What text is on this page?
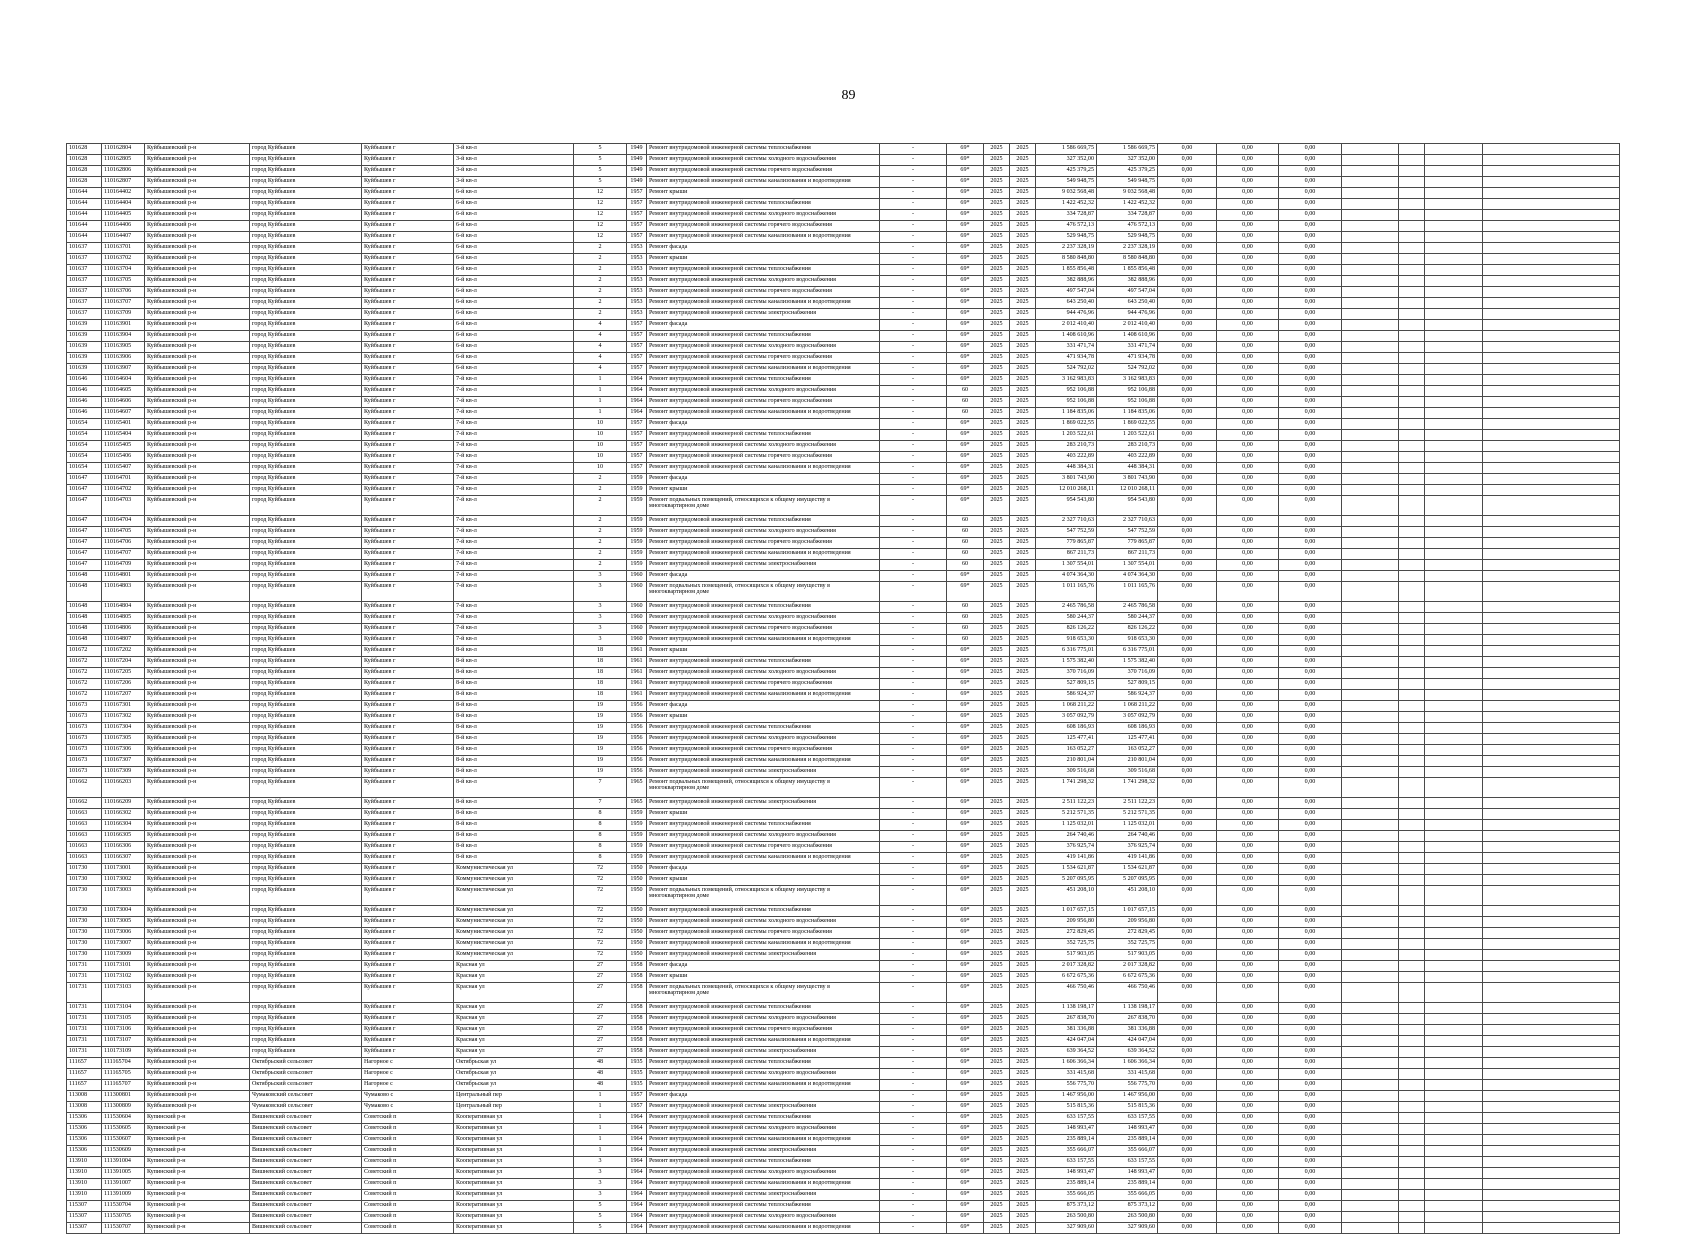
89
101628	110162804	Куйбышевский р-н	город Куйбышев	Куйбышев г	3-й кв-л	5	1949	Ремонт внутридомовой инженерной системы теплоснабжения	-	69*	2025	2025	1 586 669,75	1 586 669,75	0,00	0,00	0,00				
101628	110162805	Куйбышевский р-н	город Куйбышев	Куйбышев г	3-й кв-л	5	1949	Ремонт внутридомовой инженерной системы холодного водоснабжения	-	69*	2025	2025	327 352,00	327 352,00	0,00	0,00	0,00				
101628	110162806	Куйбышевский р-н	город Куйбышев	Куйбышев г	3-й кв-л	5	1949	Ремонт внутридомовой инженерной системы горячего водоснабжения	-	69*	2025	2025	425 379,25	425 379,25	0,00	0,00	0,00				
101628	110162807	Куйбышевский р-н	город Куйбышев	Куйбышев г	3-й кв-л	5	1949	Ремонт внутридомовой инженерной системы канализования и водоотведения	-	69*	2025	2025	549 948,75	549 948,75	0,00	0,00	0,00				
101644	110164402	Куйбышевский р-н	город Куйбышев	Куйбышев г	6-й кв-л	12	1957	Ремонт крыши	-	69*	2025	2025	9 032 568,48	9 032 568,48	0,00	0,00	0,00				
101644	110164404	Куйбышевский р-н	город Куйбышев	Куйбышев г	6-й кв-л	12	1957	Ремонт внутридомовой инженерной системы теплоснабжения	-	69*	2025	2025	1 422 452,32	1 422 452,32	0,00	0,00	0,00				
101644	110164405	Куйбышевский р-н	город Куйбышев	Куйбышев г	6-й кв-л	12	1957	Ремонт внутридомовой инженерной системы холодного водоснабжения	-	69*	2025	2025	334 728,87	334 728,87	0,00	0,00	0,00				
101644	110164406	Куйбышевский р-н	город Куйбышев	Куйбышев г	6-й кв-л	12	1957	Ремонт внутридомовой инженерной системы горячего водоснабжения	-	69*	2025	2025	476 572,13	476 572,13	0,00	0,00	0,00				
101644	110164407	Куйбышевский р-н	город Куйбышев	Куйбышев г	6-й кв-л	12	1957	Ремонт внутридомовой инженерной системы канализования и водоотведения	-	69*	2025	2025	529 948,75	529 948,75	0,00	0,00	0,00				
101637	110163701	Куйбышевский р-н	город Куйбышев	Куйбышев г	6-й кв-л	2	1953	Ремонт фасада	-	69*	2025	2025	2 237 328,19	2 237 328,19	0,00	0,00	0,00				
101637	110163702	Куйбышевский р-н	город Куйбышев	Куйбышев г	6-й кв-л	2	1953	Ремонт крыши	-	69*	2025	2025	8 580 848,80	8 580 848,80	0,00	0,00	0,00				
101637	110163704	Куйбышевский р-н	город Куйбышев	Куйбышев г	6-й кв-л	2	1953	Ремонт внутридомовой инженерной системы теплоснабжения	-	69*	2025	2025	1 855 856,48	1 855 856,48	0,00	0,00	0,00				
101637	110163705	Куйбышевский р-н	город Куйбышев	Куйбышев г	6-й кв-л	2	1953	Ремонт внутридомовой инженерной системы холодного водоснабжения	-	69*	2025	2025	382 888,96	382 888,96	0,00	0,00	0,00				
101637	110163706	Куйбышевский р-н	город Куйбышев	Куйбышев г	6-й кв-л	2	1953	Ремонт внутридомовой инженерной системы горячего водоснабжения	-	69*	2025	2025	497 547,04	497 547,04	0,00	0,00	0,00				
101637	110163707	Куйбышевский р-н	город Куйбышев	Куйбышев г	6-й кв-л	2	1953	Ремонт внутридомовой инженерной системы канализования и водоотведения	-	69*	2025	2025	643 250,40	643 250,40	0,00	0,00	0,00				
101637	110163709	Куйбышевский р-н	город Куйбышев	Куйбышев г	6-й кв-л	2	1953	Ремонт внутридомовой инженерной системы электроснабжения	-	69*	2025	2025	944 476,96	944 476,96	0,00	0,00	0,00				
101639	110163901	Куйбышевский р-н	город Куйбышев	Куйбышев г	6-й кв-л	4	1957	Ремонт фасада	-	69*	2025	2025	2 012 410,40	2 012 410,40	0,00	0,00	0,00				
101639	110163904	Куйбышевский р-н	город Куйбышев	Куйбышев г	6-й кв-л	4	1957	Ремонт внутридомовой инженерной системы теплоснабжения	-	69*	2025	2025	1 408 610,96	1 408 610,96	0,00	0,00	0,00				
101639	110163905	Куйбышевский р-н	город Куйбышев	Куйбышев г	6-й кв-л	4	1957	Ремонт внутридомовой инженерной системы холодного водоснабжения	-	69*	2025	2025	331 471,74	331 471,74	0,00	0,00	0,00				
101639	110163906	Куйбышевский р-н	город Куйбышев	Куйбышев г	6-й кв-л	4	1957	Ремонт внутридомовой инженерной системы горячего водоснабжения	-	69*	2025	2025	471 934,78	471 934,78	0,00	0,00	0,00				
101639	110163907	Куйбышевский р-н	город Куйбышев	Куйбышев г	6-й кв-л	4	1957	Ремонт внутридомовой инженерной системы канализования и водоотведения	-	69*	2025	2025	524 792,02	524 792,02	0,00	0,00	0,00				
101646	110164604	Куйбышевский р-н	город Куйбышев	Куйбышев г	7-й кв-л	1	1964	Ремонт внутридомовой инженерной системы теплоснабжения	-	69*	2025	2025	3 162 983,83	3 162 983,83	0,00	0,00	0,00				
101646	110164605	Куйбышевский р-н	город Куйбышев	Куйбышев г	7-й кв-л	1	1964	Ремонт внутридомовой инженерной системы холодного водоснабжения	-	60	2025	2025	952 106,88	952 106,88	0,00	0,00	0,00				
101646	110164606	Куйбышевский р-н	город Куйбышев	Куйбышев г	7-й кв-л	1	1964	Ремонт внутридомовой инженерной системы горячего водоснабжения	-	60	2025	2025	952 106,88	952 106,88	0,00	0,00	0,00				
101646	110164607	Куйбышевский р-н	город Куйбышев	Куйбышев г	7-й кв-л	1	1964	Ремонт внутридомовой инженерной системы канализования и водоотведения	-	60	2025	2025	1 184 835,06	1 184 835,06	0,00	0,00	0,00				
101654	110165401	Куйбышевский р-н	город Куйбышев	Куйбышев г	7-й кв-л	10	1957	Ремонт фасада	-	69*	2025	2025	1 869 022,55	1 869 022,55	0,00	0,00	0,00				
101654	110165404	Куйбышевский р-н	город Куйбышев	Куйбышев г	7-й кв-л	10	1957	Ремонт внутридомовой инженерной системы теплоснабжения	-	69*	2025	2025	1 203 522,61	1 203 522,61	0,00	0,00	0,00				
101654	110165405	Куйбышевский р-н	город Куйбышев	Куйбышев г	7-й кв-л	10	1957	Ремонт внутридомовой инженерной системы холодного водоснабжения	-	69*	2025	2025	283 210,73	283 210,73	0,00	0,00	0,00				
101654	110165406	Куйбышевский р-н	город Куйбышев	Куйбышев г	7-й кв-л	10	1957	Ремонт внутридомовой инженерной системы горячего водоснабжения	-	69*	2025	2025	403 222,89	403 222,89	0,00	0,00	0,00				
101654	110165407	Куйбышевский р-н	город Куйбышев	Куйбышев г	7-й кв-л	10	1957	Ремонт внутридомовой инженерной системы канализования и водоотведения	-	69*	2025	2025	448 384,31	448 384,31	0,00	0,00	0,00				
101647	110164701	Куйбышевский р-н	город Куйбышев	Куйбышев г	7-й кв-л	2	1959	Ремонт фасада	-	69*	2025	2025	3 801 743,90	3 801 743,90	0,00	0,00	0,00				
101647	110164702	Куйбышевский р-н	город Куйбышев	Куйбышев г	7-й кв-л	2	1959	Ремонт крыши	-	69*	2025	2025	12 010 268,11	12 010 268,11	0,00	0,00	0,00				
101647	110164703	Куйбышевский р-н	город Куйбышев	Куйбышев г	7-й кв-л	2	1959	Ремонт подвальных помещений, относящихся к общему имуществу в многоквартирном доме	-	69*	2025	2025	954 543,80	954 543,80	0,00	0,00	0,00				
101647	110164704	Куйбышевский р-н	город Куйбышев	Куйбышев г	7-й кв-л	2	1959	Ремонт внутридомовой инженерной системы теплоснабжения	-	60	2025	2025	2 327 710,63	2 327 710,63	0,00	0,00	0,00				
101647	110164705	Куйбышевский р-н	город Куйбышев	Куйбышев г	7-й кв-л	2	1959	Ремонт внутридомовой инженерной системы холодного водоснабжения	-	60	2025	2025	547 752,59	547 752,59	0,00	0,00	0,00				
101647	110164706	Куйбышевский р-н	город Куйбышев	Куйбышев г	7-й кв-л	2	1959	Ремонт внутридомовой инженерной системы горячего водоснабжения	-	60	2025	2025	779 865,87	779 865,87	0,00	0,00	0,00				
101647	110164707	Куйбышевский р-н	город Куйбышев	Куйбышев г	7-й кв-л	2	1959	Ремонт внутридомовой инженерной системы канализования и водоотведения	-	60	2025	2025	867 211,73	867 211,73	0,00	0,00	0,00				
101647	110164709	Куйбышевский р-н	город Куйбышев	Куйбышев г	7-й кв-л	2	1959	Ремонт внутридомовой инженерной системы электроснабжения	-	60	2025	2025	1 307 554,01	1 307 554,01	0,00	0,00	0,00				
101648	110164801	Куйбышевский р-н	город Куйбышев	Куйбышев г	7-й кв-л	3	1960	Ремонт фасада	-	69*	2025	2025	4 074 364,30	4 074 364,30	0,00	0,00	0,00				
101648	110164803	Куйбышевский р-н	город Куйбышев	Куйбышев г	7-й кв-л	3	1960	Ремонт подвальных помещений, относящихся к общему имуществу в многоквартирном доме	-	69*	2025	2025	1 011 165,76	1 011 165,76	0,00	0,00	0,00				
101648	110164804	Куйбышевский р-н	город Куйбышев	Куйбышев г	7-й кв-л	3	1960	Ремонт внутридомовой инженерной системы теплоснабжения	-	60	2025	2025	2 465 786,58	2 465 786,58	0,00	0,00	0,00				
101648	110164805	Куйбышевский р-н	город Куйбышев	Куйбышев г	7-й кв-л	3	1960	Ремонт внутридомовой инженерной системы холодного водоснабжения	-	60	2025	2025	580 244,37	580 244,37	0,00	0,00	0,00				
101648	110164806	Куйбышевский р-н	город Куйбышев	Куйбышев г	7-й кв-л	3	1960	Ремонт внутридомовой инженерной системы горячего водоснабжения	-	60	2025	2025	826 126,22	826 126,22	0,00	0,00	0,00				
101648	110164807	Куйбышевский р-н	город Куйбышев	Куйбышев г	7-й кв-л	3	1960	Ремонт внутридомовой инженерной системы канализования и водоотведения	-	60	2025	2025	918 653,30	918 653,30	0,00	0,00	0,00				
101672	110167202	Куйбышевский р-н	город Куйбышев	Куйбышев г	8-й кв-л	18	1961	Ремонт крыши	-	69*	2025	2025	6 316 775,01	6 316 775,01	0,00	0,00	0,00				
101672	110167204	Куйбышевский р-н	город Куйбышев	Куйбышев г	8-й кв-л	18	1961	Ремонт внутридомовой инженерной системы теплоснабжения	-	69*	2025	2025	1 575 382,40	1 575 382,40	0,00	0,00	0,00				
101672	110167205	Куйбышевский р-н	город Куйбышев	Куйбышев г	8-й кв-л	18	1961	Ремонт внутридомовой инженерной системы холодного водоснабжения	-	69*	2025	2025	370 716,09	370 716,09	0,00	0,00	0,00				
101672	110167206	Куйбышевский р-н	город Куйбышев	Куйбышев г	8-й кв-л	18	1961	Ремонт внутридомовой инженерной системы горячего водоснабжения	-	69*	2025	2025	527 809,15	527 809,15	0,00	0,00	0,00				
101672	110167207	Куйбышевский р-н	город Куйбышев	Куйбышев г	8-й кв-л	18	1961	Ремонт внутридомовой инженерной системы канализования и водоотведения	-	69*	2025	2025	586 924,37	586 924,37	0,00	0,00	0,00				
101673	110167301	Куйбышевский р-н	город Куйбышев	Куйбышев г	8-й кв-л	19	1956	Ремонт фасада	-	69*	2025	2025	1 068 211,22	1 068 211,22	0,00	0,00	0,00				
101673	110167302	Куйбышевский р-н	город Куйбышев	Куйбышев г	8-й кв-л	19	1956	Ремонт крыши	-	69*	2025	2025	3 057 092,79	3 057 092,79	0,00	0,00	0,00				
101673	110167304	Куйбышевский р-н	город Куйбышев	Куйбышев г	8-й кв-л	19	1956	Ремонт внутридомовой инженерной системы теплоснабжения	-	69*	2025	2025	608 186,93	608 186,93	0,00	0,00	0,00				
101673	110167305	Куйбышевский р-н	город Куйбышев	Куйбышев г	8-й кв-л	19	1956	Ремонт внутридомовой инженерной системы холодного водоснабжения	-	69*	2025	2025	125 477,41	125 477,41	0,00	0,00	0,00				
101673	110167306	Куйбышевский р-н	город Куйбышев	Куйбышев г	8-й кв-л	19	1956	Ремонт внутридомовой инженерной системы горячего водоснабжения	-	69*	2025	2025	163 052,27	163 052,27	0,00	0,00	0,00				
101673	110167307	Куйбышевский р-н	город Куйбышев	Куйбышев г	8-й кв-л	19	1956	Ремонт внутридомовой инженерной системы канализования и водоотведения	-	69*	2025	2025	210 801,04	210 801,04	0,00	0,00	0,00				
101673	110167309	Куйбышевский р-н	город Куйбышев	Куйбышев г	8-й кв-л	19	1956	Ремонт внутридомовой инженерной системы электроснабжения	-	69*	2025	2025	309 516,68	309 516,68	0,00	0,00	0,00				
101662	110166203	Куйбышевский р-н	город Куйбышев	Куйбышев г	8-й кв-л	7	1965	Ремонт подвальных помещений, относящихся к общему имуществу в многоквартирном доме	-	69*	2025	2025	1 741 298,32	1 741 298,32	0,00	0,00	0,00				
101662	110166209	Куйбышевский р-н	город Куйбышев	Куйбышев г	8-й кв-л	7	1965	Ремонт внутридомовой инженерной системы электроснабжения	-	69*	2025	2025	2 511 122,23	2 511 122,23	0,00	0,00	0,00				
101663	110166302	Куйбышевский р-н	город Куйбышев	Куйбышев г	8-й кв-л	8	1959	Ремонт крыши	-	69*	2025	2025	5 212 571,35	5 212 571,35	0,00	0,00	0,00				
101663	110166304	Куйбышевский р-н	город Куйбышев	Куйбышев г	8-й кв-л	8	1959	Ремонт внутридомовой инженерной системы теплоснабжения	-	69*	2025	2025	1 125 032,01	1 125 032,01	0,00	0,00	0,00				
101663	110166305	Куйбышевский р-н	город Куйбышев	Куйбышев г	8-й кв-л	8	1959	Ремонт внутридомовой инженерной системы холодного водоснабжения	-	69*	2025	2025	264 740,46	264 740,46	0,00	0,00	0,00				
101663	110166306	Куйбышевский р-н	город Куйбышев	Куйбышев г	8-й кв-л	8	1959	Ремонт внутридомовой инженерной системы горячего водоснабжения	-	69*	2025	2025	376 925,74	376 925,74	0,00	0,00	0,00				
101663	110166307	Куйбышевский р-н	город Куйбышев	Куйбышев г	8-й кв-л	8	1959	Ремонт внутридомовой инженерной системы канализования и водоотведения	-	69*	2025	2025	419 141,86	419 141,86	0,00	0,00	0,00				
101730	110173001	Куйбышевский р-н	город Куйбышев	Куйбышев г	Коммунистическая ул	72	1950	Ремонт фасада	-	69*	2025	2025	1 534 621,87	1 534 621,87	0,00	0,00	0,00				
101730	110173002	Куйбышевский р-н	город Куйбышев	Куйбышев г	Коммунистическая ул	72	1950	Ремонт крыши	-	69*	2025	2025	5 207 095,95	5 207 095,95	0,00	0,00	0,00				
101730	110173003	Куйбышевский р-н	город Куйбышев	Куйбышев г	Коммунистическая ул	72	1950	Ремонт подвальных помещений, относящихся к общему имуществу в многоквартирном доме	-	69*	2025	2025	451 208,10	451 208,10	0,00	0,00	0,00				
101730	110173004	Куйбышевский р-н	город Куйбышев	Куйбышев г	Коммунистическая ул	72	1950	Ремонт внутридомовой инженерной системы теплоснабжения	-	69*	2025	2025	1 017 657,15	1 017 657,15	0,00	0,00	0,00				
101730	110173005	Куйбышевский р-н	город Куйбышев	Куйбышев г	Коммунистическая ул	72	1950	Ремонт внутридомовой инженерной системы холодного водоснабжения	-	69*	2025	2025	209 956,80	209 956,80	0,00	0,00	0,00				
101730	110173006	Куйбышевский р-н	город Куйбышев	Куйбышев г	Коммунистическая ул	72	1950	Ремонт внутридомовой инженерной системы горячего водоснабжения	-	69*	2025	2025	272 829,45	272 829,45	0,00	0,00	0,00				
101730	110173007	Куйбышевский р-н	город Куйбышев	Куйбышев г	Коммунистическая ул	72	1950	Ремонт внутридомовой инженерной системы канализования и водоотведения	-	69*	2025	2025	352 725,75	352 725,75	0,00	0,00	0,00				
101730	110173009	Куйбышевский р-н	город Куйбышев	Куйбышев г	Коммунистическая ул	72	1950	Ремонт внутридомовой инженерной системы электроснабжения	-	69*	2025	2025	517 903,05	517 903,05	0,00	0,00	0,00				
101731	110173101	Куйбышевский р-н	город Куйбышев	Куйбышев г	Красная ул	27	1958	Ремонт фасада	-	69*	2025	2025	2 017 328,82	2 017 328,82	0,00	0,00	0,00				
101731	110173102	Куйбышевский р-н	город Куйбышев	Куйбышев г	Красная ул	27	1958	Ремонт крыши	-	69*	2025	2025	6 672 675,36	6 672 675,36	0,00	0,00	0,00				
101731	110173103	Куйбышевский р-н	город Куйбышев	Куйбышев г	Красная ул	27	1958	Ремонт подвальных помещений, относящихся к общему имуществу в многоквартирном доме	-	69*	2025	2025	466 750,46	466 750,46	0,00	0,00	0,00				
101731	110173104	Куйбышевский р-н	город Куйбышев	Куйбышев г	Красная ул	27	1958	Ремонт внутридомовой инженерной системы теплоснабжения	-	69*	2025	2025	1 138 198,17	1 138 198,17	0,00	0,00	0,00				
101731	110173105	Куйбышевский р-н	город Куйбышев	Куйбышев г	Красная ул	27	1958	Ремонт внутридомовой инженерной системы холодного водоснабжения	-	69*	2025	2025	267 838,70	267 838,70	0,00	0,00	0,00				
101731	110173106	Куйбышевский р-н	город Куйбышев	Куйбышев г	Красная ул	27	1958	Ремонт внутридомовой инженерной системы горячего водоснабжения	-	69*	2025	2025	381 336,88	381 336,88	0,00	0,00	0,00				
101731	110173107	Куйбышевский р-н	город Куйбышев	Куйбышев г	Красная ул	27	1958	Ремонт внутридомовой инженерной системы канализования и водоотведения	-	69*	2025	2025	424 047,04	424 047,04	0,00	0,00	0,00				
101731	110173109	Куйбышевский р-н	город Куйбышев	Куйбышев г	Красная ул	27	1958	Ремонт внутридомовой инженерной системы электроснабжения	-	69*	2025	2025	639 364,52	639 364,52	0,00	0,00	0,00				
111657	111165704	Куйбышевский р-н	Октябрьский сельсовет	Нагорное с	Октябрьская ул	48	1935	Ремонт внутридомовой инженерной системы теплоснабжения	-	69*	2025	2025	1 606 366,34	1 606 366,34	0,00	0,00	0,00				
111657	111165705	Куйбышевский р-н	Октябрьский сельсовет	Нагорное с	Октябрьская ул	48	1935	Ремонт внутридомовой инженерной системы холодного водоснабжения	-	69*	2025	2025	331 415,68	331 415,68	0,00	0,00	0,00				
111657	111165707	Куйбышевский р-н	Октябрьский сельсовет	Нагорное с	Октябрьская ул	48	1935	Ремонт внутридомовой инженерной системы канализования и водоотведения	-	69*	2025	2025	556 775,70	556 775,70	0,00	0,00	0,00				
113008	111300801	Куйбышевский р-н	Чумаковский сельсовет	Чумаково с	Центральный пер	1	1957	Ремонт фасада	-	69*	2025	2025	1 467 956,00	1 467 956,00	0,00	0,00	0,00				
113008	111300809	Куйбышевский р-н	Чумаковский сельсовет	Чумаково с	Центральный пер	1	1957	Ремонт внутридомовой инженерной системы электроснабжения	-	69*	2025	2025	515 815,36	515 815,36	0,00	0,00	0,00				
115306	111530604	Купинский р-н	Вишневский сельсовет	Советский п	Кооперативная ул	1	1964	Ремонт внутридомовой инженерной системы теплоснабжения	-	69*	2025	2025	633 157,55	633 157,55	0,00	0,00	0,00				
115306	111530605	Купинский р-н	Вишневский сельсовет	Советский п	Кооперативная ул	1	1964	Ремонт внутридомовой инженерной системы холодного водоснабжения	-	69*	2025	2025	148 993,47	148 993,47	0,00	0,00	0,00				
115306	111530607	Купинский р-н	Вишневский сельсовет	Советский п	Кооперативная ул	1	1964	Ремонт внутридомовой инженерной системы канализования и водоотведения	-	69*	2025	2025	235 889,14	235 889,14	0,00	0,00	0,00				
115306	111530609	Купинский р-н	Вишневский сельсовет	Советский п	Кооперативная ул	1	1964	Ремонт внутридомовой инженерной системы электроснабжения	-	69*	2025	2025	355 666,07	355 666,07	0,00	0,00	0,00				
113910	111391004	Купинский р-н	Вишневский сельсовет	Советский п	Кооперативная ул	3	1964	Ремонт внутридомовой инженерной системы теплоснабжения	-	69*	2025	2025	633 157,55	633 157,55	0,00	0,00	0,00				
113910	111391005	Купинский р-н	Вишневский сельсовет	Советский п	Кооперативная ул	3	1964	Ремонт внутридомовой инженерной системы холодного водоснабжения	-	69*	2025	2025	148 993,47	148 993,47	0,00	0,00	0,00				
113910	111391007	Купинский р-н	Вишневский сельсовет	Советский п	Кооперативная ул	3	1964	Ремонт внутридомовой инженерной системы канализования и водоотведения	-	69*	2025	2025	235 889,14	235 889,14	0,00	0,00	0,00				
113910	111391009	Купинский р-н	Вишневский сельсовет	Советский п	Кооперативная ул	3	1964	Ремонт внутридомовой инженерной системы электроснабжения	-	69*	2025	2025	355 666,05	355 666,05	0,00	0,00	0,00				
115307	111530704	Купинский р-н	Вишневский сельсовет	Советский п	Кооперативная ул	5	1964	Ремонт внутридомовой инженерной системы теплоснабжения	-	69*	2025	2025	875 373,12	875 373,12	0,00	0,00	0,00				
115307	111530705	Купинский р-н	Вишневский сельсовет	Советский п	Кооперативная ул	5	1964	Ремонт внутридомовой инженерной системы холодного водоснабжения	-	69*	2025	2025	263 500,80	263 500,80	0,00	0,00	0,00				
115307	111530707	Купинский р-н	Вишневский сельсовет	Советский п	Кооперативная ул	5	1964	Ремонт внутридомовой инженерной системы канализования и водоотведения	-	69*	2025	2025	327 909,60	327 909,60	0,00	0,00	0,00				
